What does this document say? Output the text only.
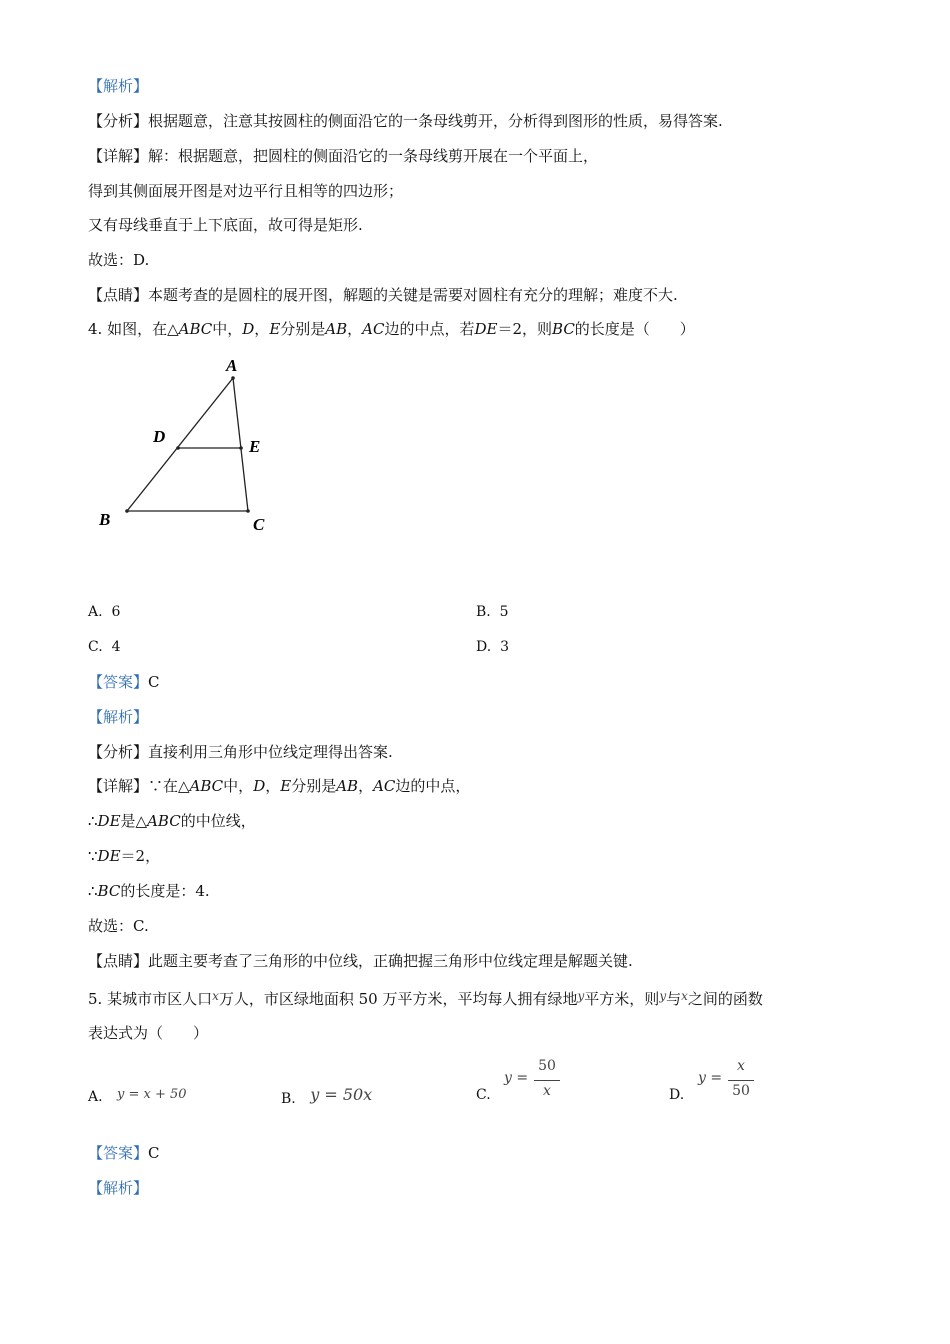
【解析】
【分析】根据题意，注意其按圆柱的侧面沿它的一条母线剪开，分析得到图形的性质，易得答案.
【详解】解：根据题意，把圆柱的侧面沿它的一条母线剪开展在一个平面上，
得到其侧面展开图是对边平行且相等的四边形；
又有母线垂直于上下底面，故可得是矩形.
故选：D.
【点睛】本题考查的是圆柱的展开图，解题的关键是需要对圆柱有充分的理解；难度不大.
4. 如图，在△ABC中，D，E分别是AB，AC边的中点，若DE＝2，则BC的长度是（　　）
A
B	C
D
E
A. 6	B. 5
C. 4	D. 3
【答案】C
【解析】
【分析】直接利用三角形中位线定理得出答案.
【详解】∵在△ABC中，D，E分别是AB，AC边的中点，
∴DE是△ABC的中位线，
∵DE＝2，
∴BC的长度是：4.
故选：C.
【点睛】此题主要考查了三角形的中位线，正确把握三角形中位线定理是解题关键.
5. 某城市市区人口$^x$万人，市区绿地面积 50 万平方米，平均每人拥有绿地$^y$平方米，则$^y$与$^x$之间的函数
表达式为（　　）
A. y = x + 50	B. y = 50x	C.
y =
50
x	D.
y =
x
50
【答案】C
【解析】
